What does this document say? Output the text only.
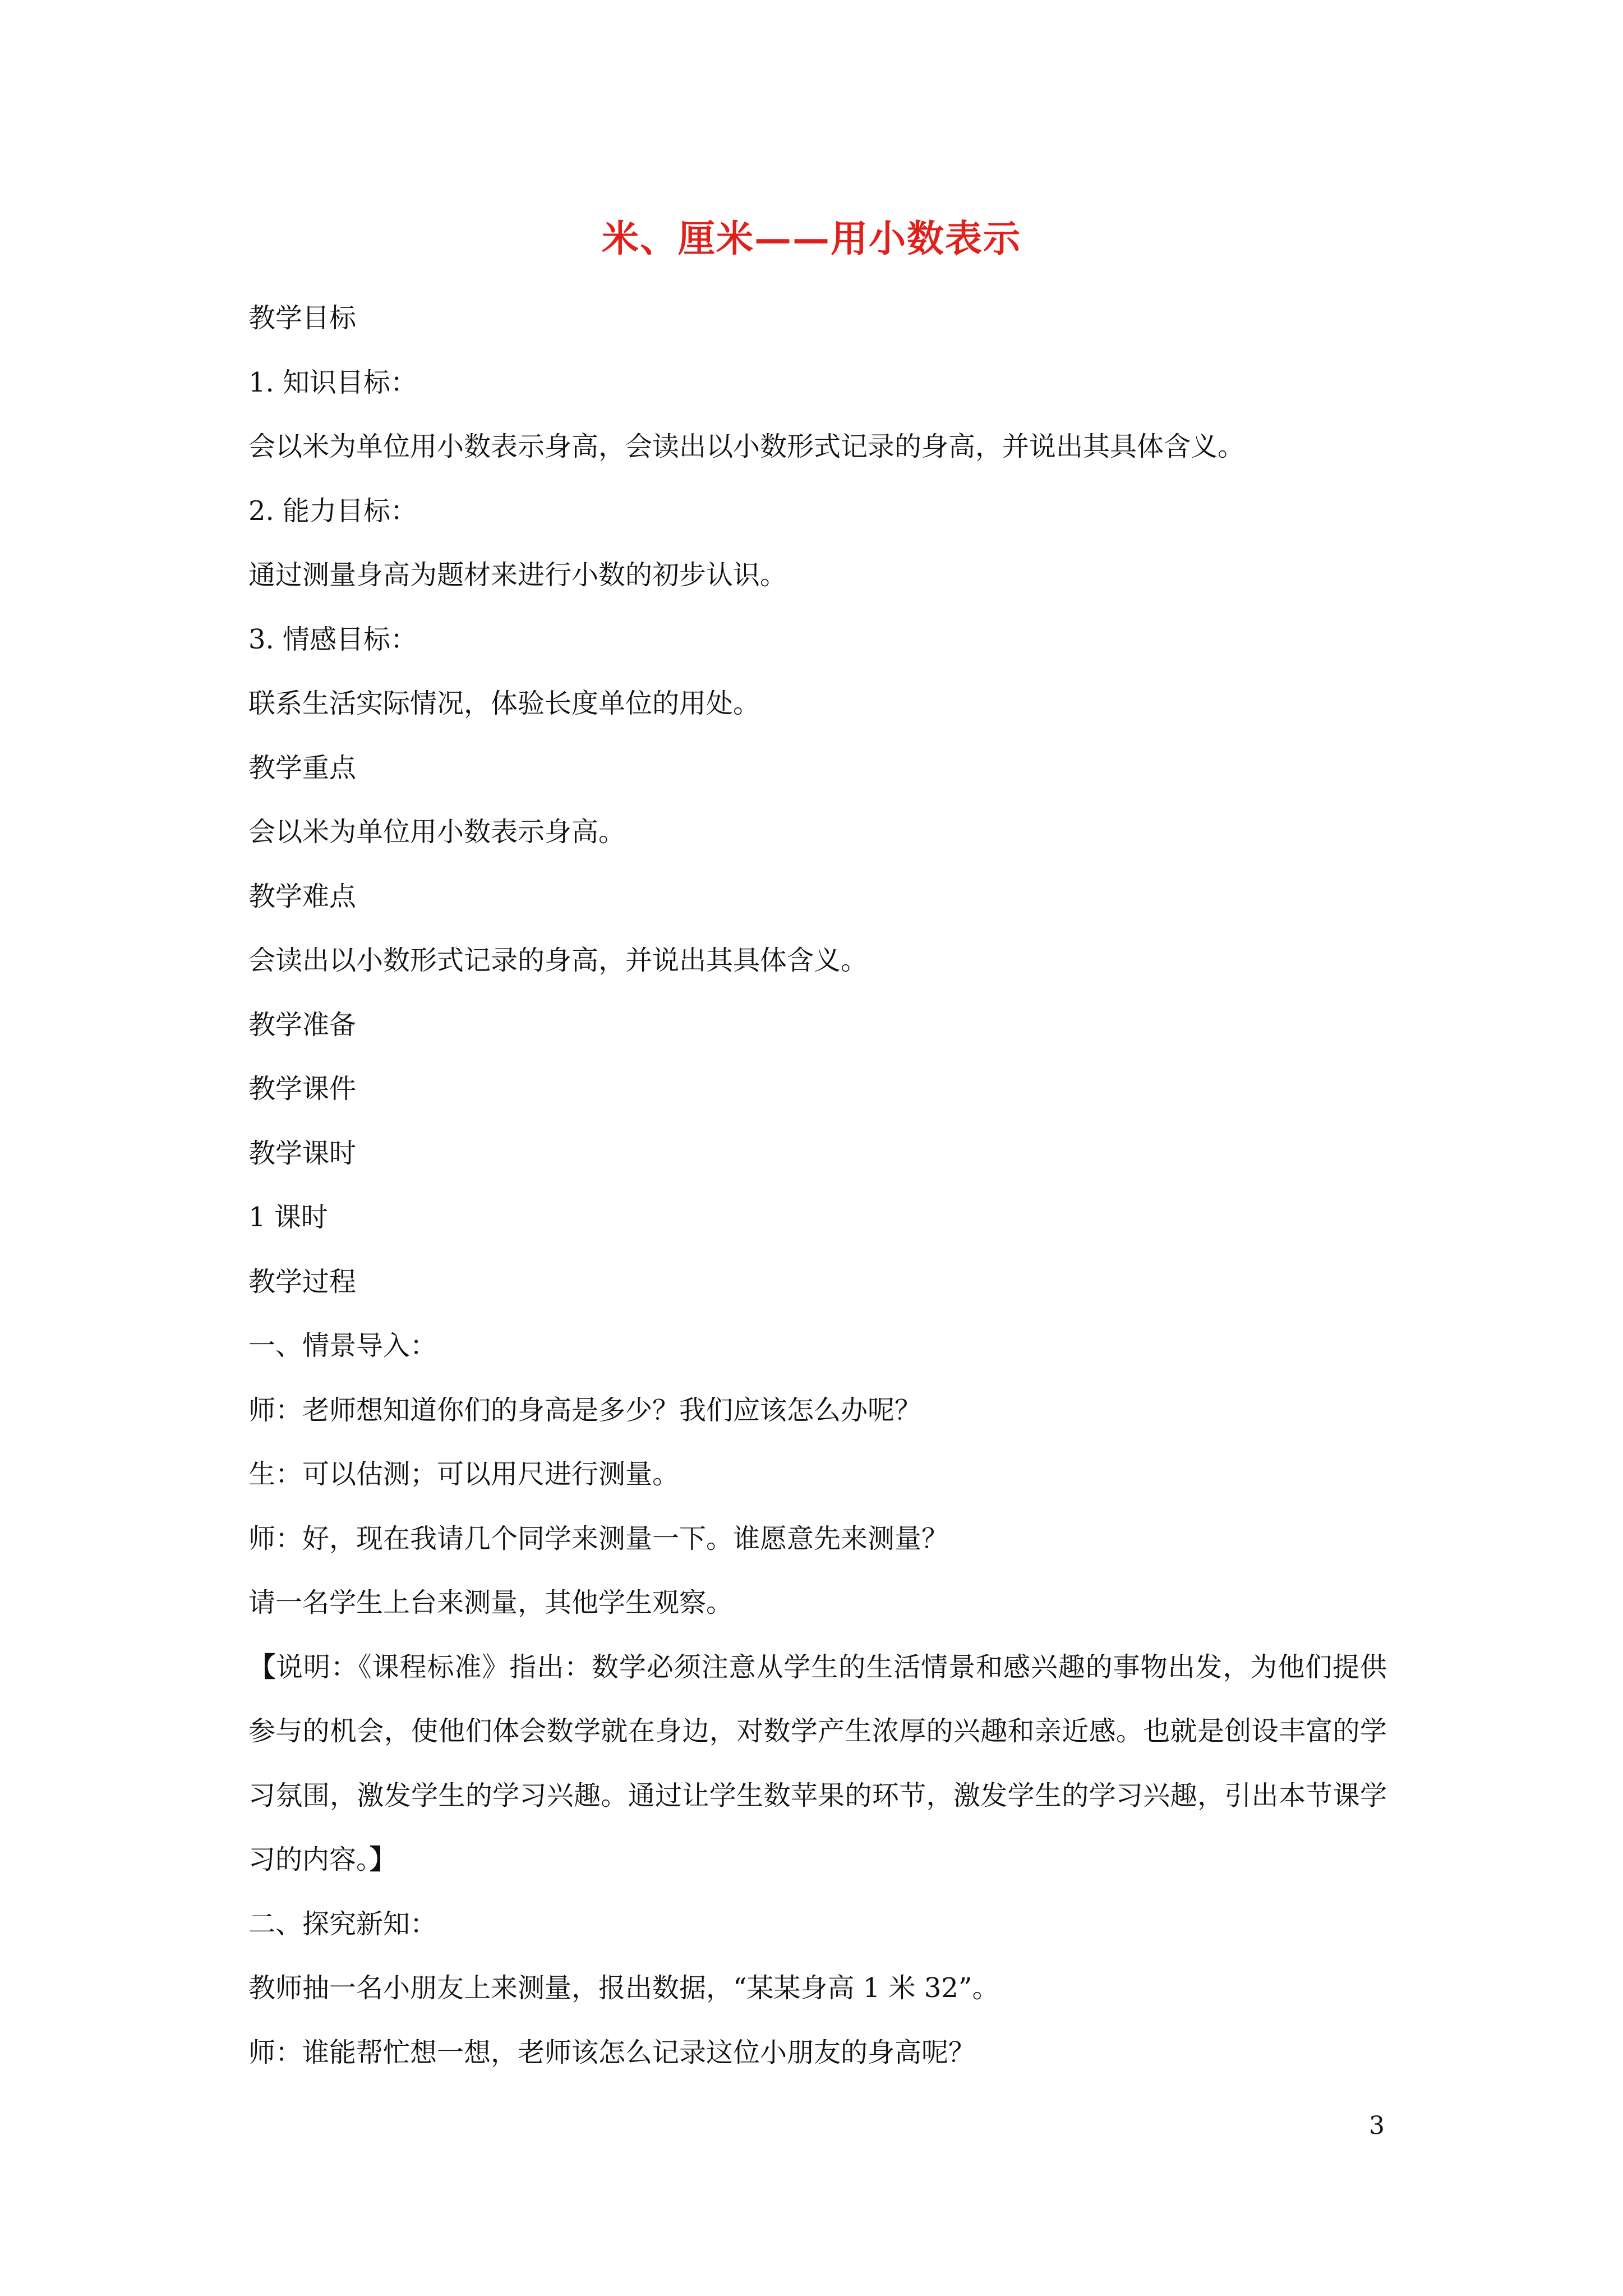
米、厘米——用小数表示
教学目标
1. 知识目标：
会以米为单位用小数表示身高，会读出以小数形式记录的身高，并说出其具体含义。
2. 能力目标：
通过测量身高为题材来进行小数的初步认识。
3. 情感目标：
联系生活实际情况，体验长度单位的用处。
教学重点
会以米为单位用小数表示身高。
教学难点
会读出以小数形式记录的身高，并说出其具体含义。
教学准备
教学课件
教学课时
1 课时
教学过程
一、情景导入：
师：老师想知道你们的身高是多少？我们应该怎么办呢？
生：可以估测；可以用尺进行测量。
师：好，现在我请几个同学来测量一下。谁愿意先来测量？
请一名学生上台来测量，其他学生观察。
【说明：《课程标准》指出：数学必须注意从学生的生活情景和感兴趣的事物出发，为他们提供参与的机会，使他们体会数学就在身边，对数学产生浓厚的兴趣和亲近感。也就是创设丰富的学习氛围，激发学生的学习兴趣。通过让学生数苹果的环节，激发学生的学习兴趣，引出本节课学习的内容。】
二、探究新知：
教师抽一名小朋友上来测量，报出数据，“某某身高 1 米 32”。
师：谁能帮忙想一想，老师该怎么记录这位小朋友的身高呢？
3
